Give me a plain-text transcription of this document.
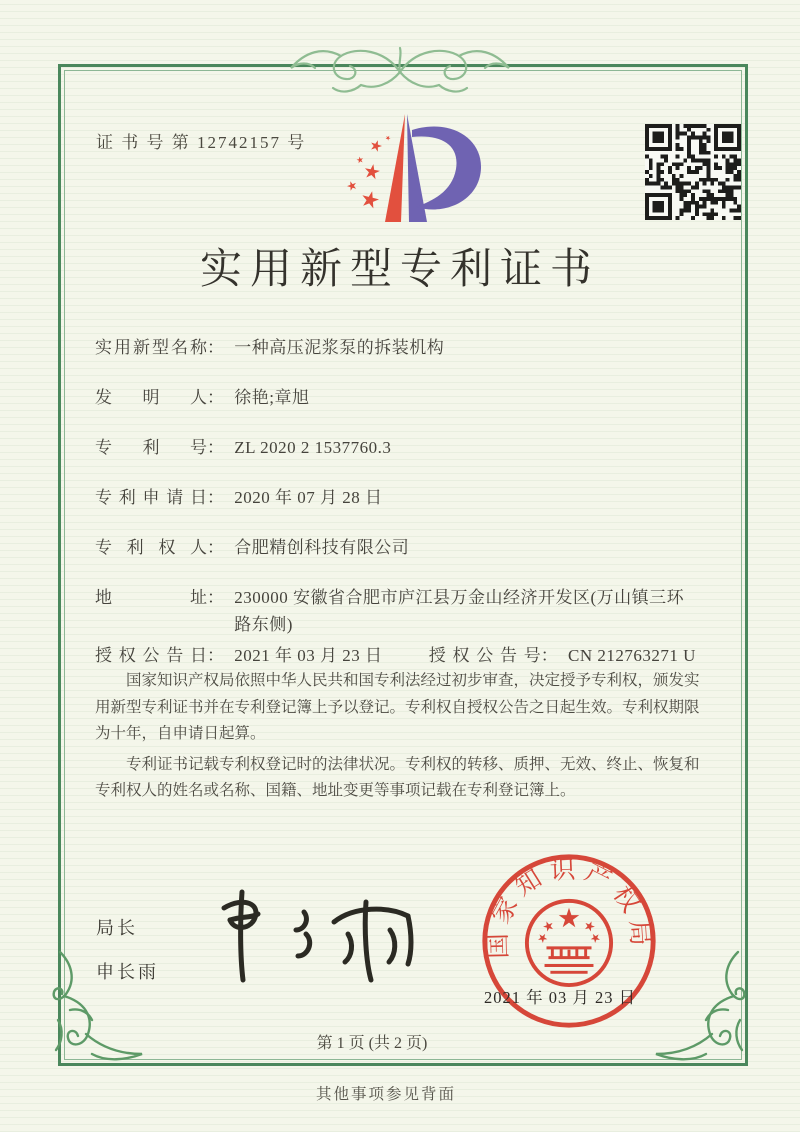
证 书 号 第 12742157 号
实用新型专利证书
实用新型名称： 一种高压泥浆泵的拆装机构
发明人： 徐艳;章旭
专利号： ZL 2020 2 1537760.3
专利申请日： 2020 年 07 月 28 日
专利权人： 合肥精创科技有限公司
地址： 230000 安徽省合肥市庐江县万金山经济开发区(万山镇三环路东侧)
授权公告日： 2021 年 03 月 23 日	授权公告号： CN 212763271 U

国家知识产权局依照中华人民共和国专利法经过初步审查，决定授予专利权，颁发实用新型专利证书并在专利登记簿上予以登记。专利权自授权公告之日起生效。专利权期限为十年，自申请日起算。

专利证书记载专利权登记时的法律状况。专利权的转移、质押、无效、终止、恢复和专利权人的姓名或名称、国籍、地址变更等事项记载在专利登记簿上。

局长
申长雨
国家知识产权局
2021 年 03 月 23 日
第 1 页 (共 2 页)
其他事项参见背面
